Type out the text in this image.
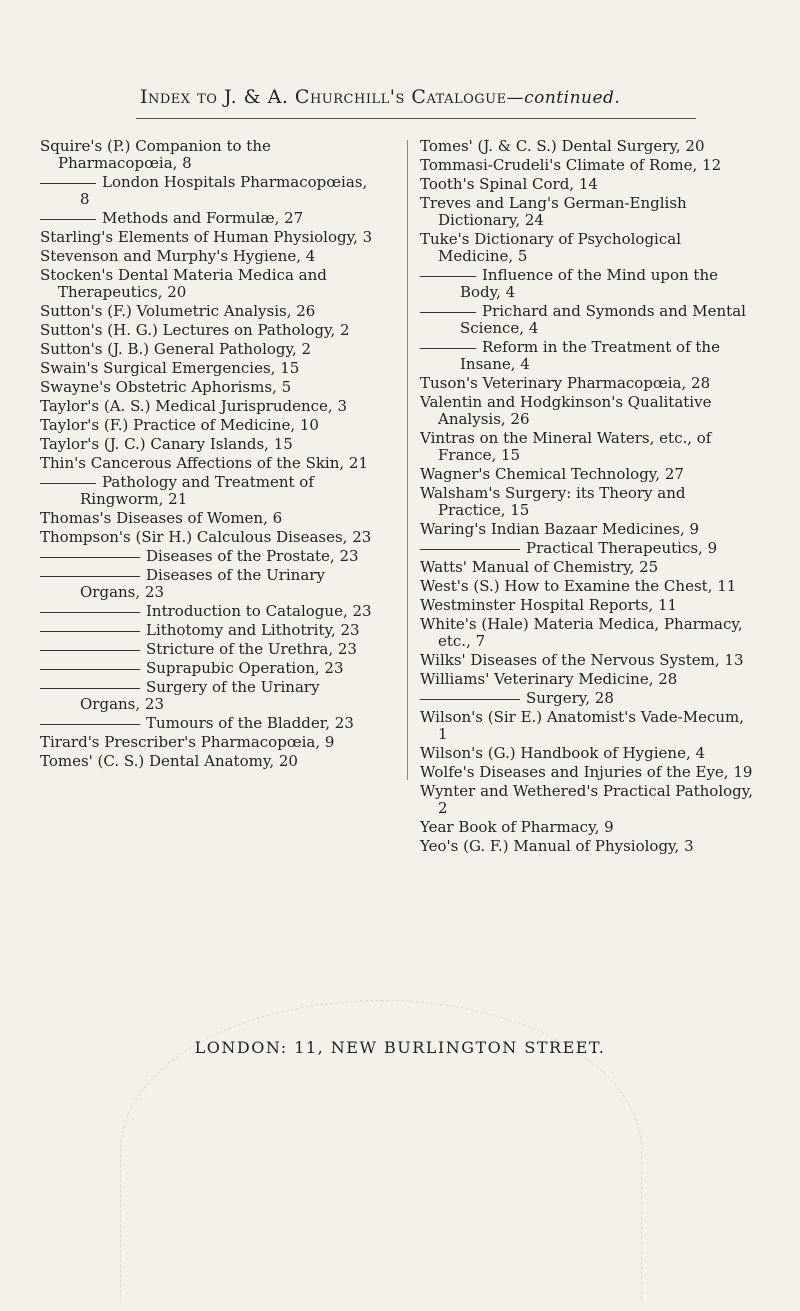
Index to J. & A. Churchill's Catalogue—continued.
Squire's (P.) Companion to the Pharmacopœia, 8
London Hospitals Pharmacopœias, 8
Methods and Formulæ, 27
Starling's Elements of Human Physiology, 3
Stevenson and Murphy's Hygiene, 4
Stocken's Dental Materia Medica and Therapeutics, 20
Sutton's (F.) Volumetric Analysis, 26
Sutton's (H. G.) Lectures on Pathology, 2
Sutton's (J. B.) General Pathology, 2
Swain's Surgical Emergencies, 15
Swayne's Obstetric Aphorisms, 5
Taylor's (A. S.) Medical Jurisprudence, 3
Taylor's (F.) Practice of Medicine, 10
Taylor's (J. C.) Canary Islands, 15
Thin's Cancerous Affections of the Skin, 21
Pathology and Treatment of Ringworm, 21
Thomas's Diseases of Women, 6
Thompson's (Sir H.) Calculous Diseases, 23
Diseases of the Prostate, 23
Diseases of the Urinary Organs, 23
Introduction to Catalogue, 23
Lithotomy and Lithotrity, 23
Stricture of the Urethra, 23
Suprapubic Operation, 23
Surgery of the Urinary Organs, 23
Tumours of the Bladder, 23
Tirard's Prescriber's Pharmacopœia, 9
Tomes' (C. S.) Dental Anatomy, 20
Tomes' (J. & C. S.) Dental Surgery, 20
Tommasi-Crudeli's Climate of Rome, 12
Tooth's Spinal Cord, 14
Treves and Lang's German-English Dictionary, 24
Tuke's Dictionary of Psychological Medicine, 5
Influence of the Mind upon the Body, 4
Prichard and Symonds and Mental Science, 4
Reform in the Treatment of the Insane, 4
Tuson's Veterinary Pharmacopœia, 28
Valentin and Hodgkinson's Qualitative Analysis, 26
Vintras on the Mineral Waters, etc., of France, 15
Wagner's Chemical Technology, 27
Walsham's Surgery: its Theory and Practice, 15
Waring's Indian Bazaar Medicines, 9
Practical Therapeutics, 9
Watts' Manual of Chemistry, 25
West's (S.) How to Examine the Chest, 11
Westminster Hospital Reports, 11
White's (Hale) Materia Medica, Pharmacy, etc., 7
Wilks' Diseases of the Nervous System, 13
Williams' Veterinary Medicine, 28
Surgery, 28
Wilson's (Sir E.) Anatomist's Vade-Mecum, 1
Wilson's (G.) Handbook of Hygiene, 4
Wolfe's Diseases and Injuries of the Eye, 19
Wynter and Wethered's Practical Pathology, 2
Year Book of Pharmacy, 9
Yeo's (G. F.) Manual of Physiology, 3
LONDON: 11, NEW BURLINGTON STREET.
